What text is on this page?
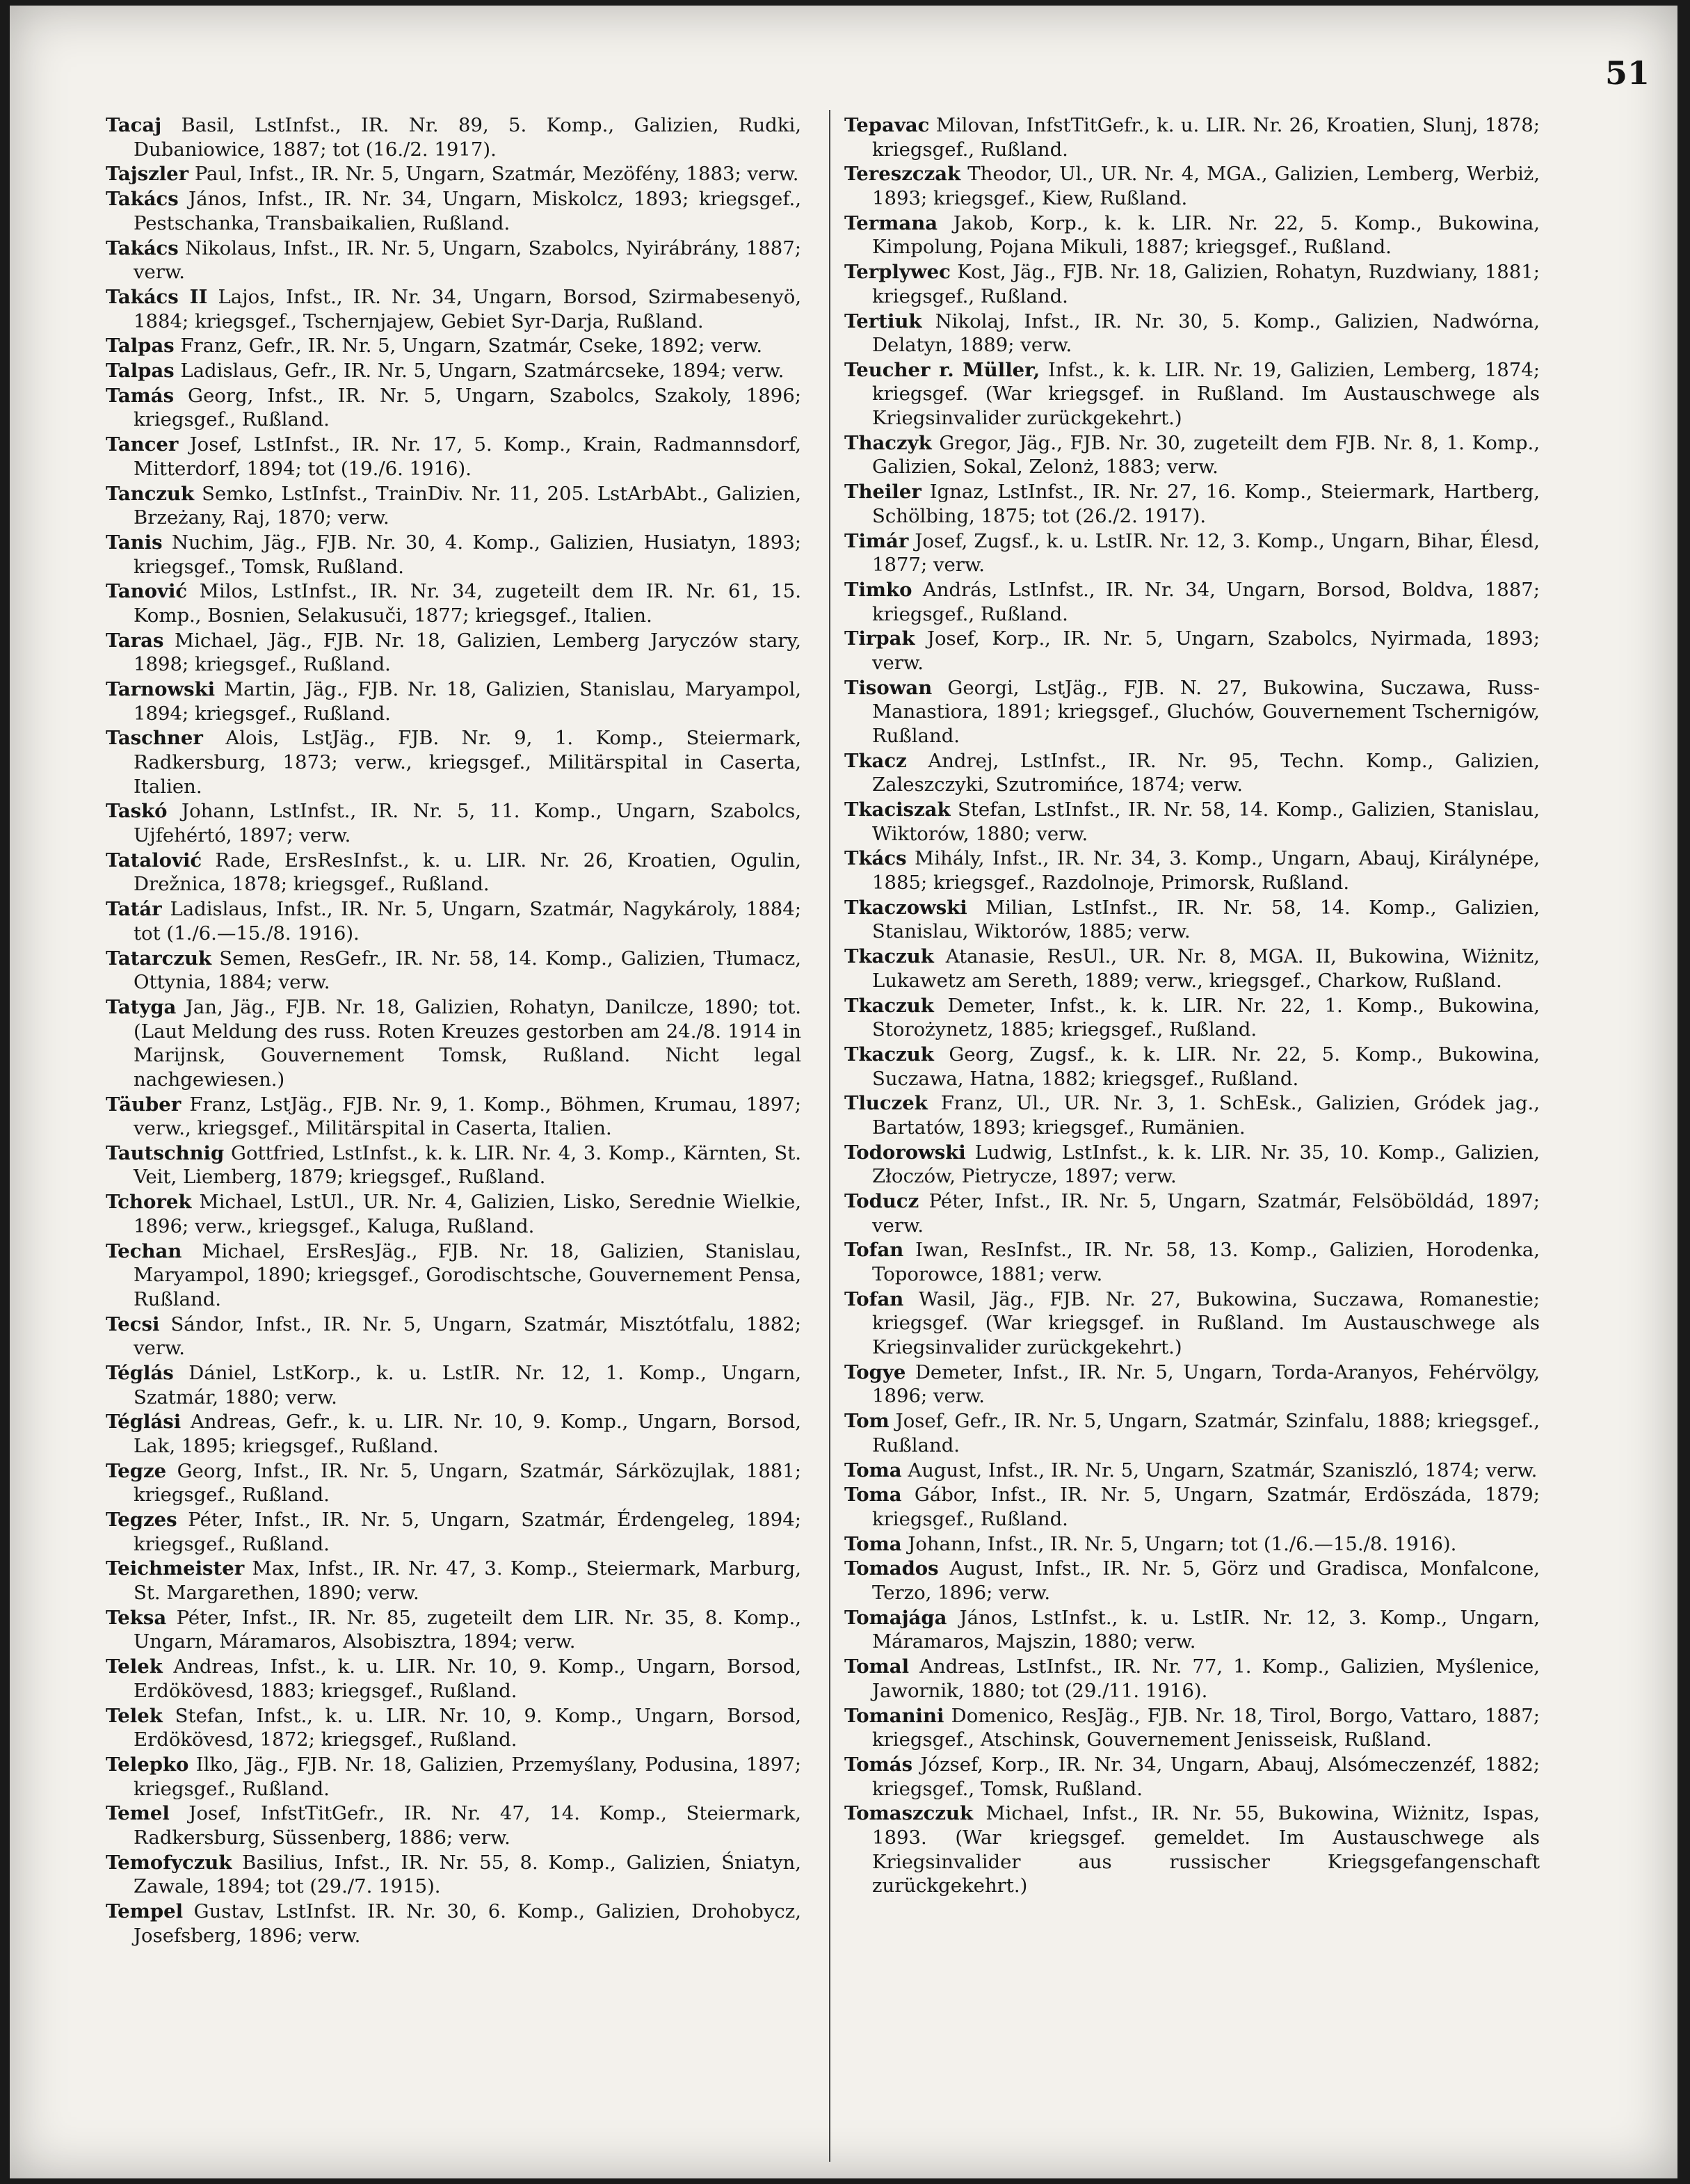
51

Tacaj Basil, LstInfst., IR. Nr. 89, 5. Komp., Galizien, Rudki, Dubaniowice, 1887; tot (16./2. 1917).

Tajszler Paul, Infst., IR. Nr. 5, Ungarn, Szatmár, Mezöfény, 1883; verw.

Takács János, Infst., IR. Nr. 34, Ungarn, Miskolcz, 1893; kriegsgef., Pestschanka, Transbaikalien, Rußland.

Takács Nikolaus, Infst., IR. Nr. 5, Ungarn, Szabolcs, Nyirábrány, 1887; verw.

Takács II Lajos, Infst., IR. Nr. 34, Ungarn, Borsod, Szirmabesenyö, 1884; kriegsgef., Tschernjajew, Gebiet Syr-Darja, Rußland.

Talpas Franz, Gefr., IR. Nr. 5, Ungarn, Szatmár, Cseke, 1892; verw.

Talpas Ladislaus, Gefr., IR. Nr. 5, Ungarn, Szatmárcseke, 1894; verw.

Tamás Georg, Infst., IR. Nr. 5, Ungarn, Szabolcs, Szakoly, 1896; kriegsgef., Rußland.

Tancer Josef, LstInfst., IR. Nr. 17, 5. Komp., Krain, Radmannsdorf, Mitterdorf, 1894; tot (19./6. 1916).

Tanczuk Semko, LstInfst., TrainDiv. Nr. 11, 205. LstArbAbt., Galizien, Brzeżany, Raj, 1870; verw.

Tanis Nuchim, Jäg., FJB. Nr. 30, 4. Komp., Galizien, Husiatyn, 1893; kriegsgef., Tomsk, Rußland.

Tanović Milos, LstInfst., IR. Nr. 34, zugeteilt dem IR. Nr. 61, 15. Komp., Bosnien, Selakusuči, 1877; kriegsgef., Italien.

Taras Michael, Jäg., FJB. Nr. 18, Galizien, Lemberg Jaryczów stary, 1898; kriegsgef., Rußland.

Tarnowski Martin, Jäg., FJB. Nr. 18, Galizien, Stanislau, Maryampol, 1894; kriegsgef., Rußland.

Taschner Alois, LstJäg., FJB. Nr. 9, 1. Komp., Steiermark, Radkersburg, 1873; verw., kriegsgef., Militärspital in Caserta, Italien.

Taskó Johann, LstInfst., IR. Nr. 5, 11. Komp., Ungarn, Szabolcs, Ujfehértó, 1897; verw.

Tatalović Rade, ErsResInfst., k. u. LIR. Nr. 26, Kroatien, Ogulin, Drežnica, 1878; kriegsgef., Rußland.

Tatár Ladislaus, Infst., IR. Nr. 5, Ungarn, Szatmár, Nagykároly, 1884; tot (1./6.—15./8. 1916).

Tatarczuk Semen, ResGefr., IR. Nr. 58, 14. Komp., Galizien, Tłumacz, Ottynia, 1884; verw.

Tatyga Jan, Jäg., FJB. Nr. 18, Galizien, Rohatyn, Danilcze, 1890; tot. (Laut Meldung des russ. Roten Kreuzes gestorben am 24./8. 1914 in Marijnsk, Gouvernement Tomsk, Rußland. Nicht legal nachgewiesen.)

Täuber Franz, LstJäg., FJB. Nr. 9, 1. Komp., Böhmen, Krumau, 1897; verw., kriegsgef., Militärspital in Caserta, Italien.

Tautschnig Gottfried, LstInfst., k. k. LIR. Nr. 4, 3. Komp., Kärnten, St. Veit, Liemberg, 1879; kriegsgef., Rußland.

Tchorek Michael, LstUl., UR. Nr. 4, Galizien, Lisko, Serednie Wielkie, 1896; verw., kriegsgef., Kaluga, Rußland.

Techan Michael, ErsResJäg., FJB. Nr. 18, Galizien, Stanislau, Maryampol, 1890; kriegsgef., Gorodischtsche, Gouvernement Pensa, Rußland.

Tecsi Sándor, Infst., IR. Nr. 5, Ungarn, Szatmár, Misztótfalu, 1882; verw.

Téglás Dániel, LstKorp., k. u. LstIR. Nr. 12, 1. Komp., Ungarn, Szatmár, 1880; verw.

Téglási Andreas, Gefr., k. u. LIR. Nr. 10, 9. Komp., Ungarn, Borsod, Lak, 1895; kriegsgef., Rußland.

Tegze Georg, Infst., IR. Nr. 5, Ungarn, Szatmár, Sárközujlak, 1881; kriegsgef., Rußland.

Tegzes Péter, Infst., IR. Nr. 5, Ungarn, Szatmár, Érdengeleg, 1894; kriegsgef., Rußland.

Teichmeister Max, Infst., IR. Nr. 47, 3. Komp., Steiermark, Marburg, St. Margarethen, 1890; verw.

Teksa Péter, Infst., IR. Nr. 85, zugeteilt dem LIR. Nr. 35, 8. Komp., Ungarn, Máramaros, Alsobisztra, 1894; verw.

Telek Andreas, Infst., k. u. LIR. Nr. 10, 9. Komp., Ungarn, Borsod, Erdökövesd, 1883; kriegsgef., Rußland.

Telek Stefan, Infst., k. u. LIR. Nr. 10, 9. Komp., Ungarn, Borsod, Erdökövesd, 1872; kriegsgef., Rußland.

Telepko Ilko, Jäg., FJB. Nr. 18, Galizien, Przemyślany, Podusina, 1897; kriegsgef., Rußland.

Temel Josef, InfstTitGefr., IR. Nr. 47, 14. Komp., Steiermark, Radkersburg, Süssenberg, 1886; verw.

Temofyczuk Basilius, Infst., IR. Nr. 55, 8. Komp., Galizien, Śniatyn, Zawale, 1894; tot (29./7. 1915).

Tempel Gustav, LstInfst. IR. Nr. 30, 6. Komp., Galizien, Drohobycz, Josefsberg, 1896; verw.

Tepavac Milovan, InfstTitGefr., k. u. LIR. Nr. 26, Kroatien, Slunj, 1878; kriegsgef., Rußland.

Tereszczak Theodor, Ul., UR. Nr. 4, MGA., Galizien, Lemberg, Werbiż, 1893; kriegsgef., Kiew, Rußland.

Termana Jakob, Korp., k. k. LIR. Nr. 22, 5. Komp., Bukowina, Kimpolung, Pojana Mikuli, 1887; kriegsgef., Rußland.

Terplywec Kost, Jäg., FJB. Nr. 18, Galizien, Rohatyn, Ruzdwiany, 1881; kriegsgef., Rußland.

Tertiuk Nikolaj, Infst., IR. Nr. 30, 5. Komp., Galizien, Nadwórna, Delatyn, 1889; verw.

Teucher r. Müller, Infst., k. k. LIR. Nr. 19, Galizien, Lemberg, 1874; kriegsgef. (War kriegsgef. in Rußland. Im Austauschwege als Kriegsinvalider zurückgekehrt.)

Thaczyk Gregor, Jäg., FJB. Nr. 30, zugeteilt dem FJB. Nr. 8, 1. Komp., Galizien, Sokal, Zelonż, 1883; verw.

Theiler Ignaz, LstInfst., IR. Nr. 27, 16. Komp., Steiermark, Hartberg, Schölbing, 1875; tot (26./2. 1917).

Timár Josef, Zugsf., k. u. LstIR. Nr. 12, 3. Komp., Ungarn, Bihar, Élesd, 1877; verw.

Timko András, LstInfst., IR. Nr. 34, Ungarn, Borsod, Boldva, 1887; kriegsgef., Rußland.

Tirpak Josef, Korp., IR. Nr. 5, Ungarn, Szabolcs, Nyirmada, 1893; verw.

Tisowan Georgi, LstJäg., FJB. N. 27, Bukowina, Suczawa, Russ-Manastiora, 1891; kriegsgef., Gluchów, Gouvernement Tschernigów, Rußland.

Tkacz Andrej, LstInfst., IR. Nr. 95, Techn. Komp., Galizien, Zaleszczyki, Szutromińce, 1874; verw.

Tkaciszak Stefan, LstInfst., IR. Nr. 58, 14. Komp., Galizien, Stanislau, Wiktorów, 1880; verw.

Tkács Mihály, Infst., IR. Nr. 34, 3. Komp., Ungarn, Abauj, Királynépe, 1885; kriegsgef., Razdolnoje, Primorsk, Rußland.

Tkaczowski Milian, LstInfst., IR. Nr. 58, 14. Komp., Galizien, Stanislau, Wiktorów, 1885; verw.

Tkaczuk Atanasie, ResUl., UR. Nr. 8, MGA. II, Bukowina, Wiżnitz, Lukawetz am Sereth, 1889; verw., kriegsgef., Charkow, Rußland.

Tkaczuk Demeter, Infst., k. k. LIR. Nr. 22, 1. Komp., Bukowina, Storożynetz, 1885; kriegsgef., Rußland.

Tkaczuk Georg, Zugsf., k. k. LIR. Nr. 22, 5. Komp., Bukowina, Suczawa, Hatna, 1882; kriegsgef., Rußland.

Tluczek Franz, Ul., UR. Nr. 3, 1. SchEsk., Galizien, Gródek jag., Bartatów, 1893; kriegsgef., Rumänien.

Todorowski Ludwig, LstInfst., k. k. LIR. Nr. 35, 10. Komp., Galizien, Złoczów, Pietrycze, 1897; verw.

Toducz Péter, Infst., IR. Nr. 5, Ungarn, Szatmár, Felsöböldád, 1897; verw.

Tofan Iwan, ResInfst., IR. Nr. 58, 13. Komp., Galizien, Horodenka, Toporowce, 1881; verw.

Tofan Wasil, Jäg., FJB. Nr. 27, Bukowina, Suczawa, Romanestie; kriegsgef. (War kriegsgef. in Rußland. Im Austauschwege als Kriegsinvalider zurückgekehrt.)

Togye Demeter, Infst., IR. Nr. 5, Ungarn, Torda-Aranyos, Fehérvölgy, 1896; verw.

Tom Josef, Gefr., IR. Nr. 5, Ungarn, Szatmár, Szinfalu, 1888; kriegsgef., Rußland.

Toma August, Infst., IR. Nr. 5, Ungarn, Szatmár, Szaniszló, 1874; verw.

Toma Gábor, Infst., IR. Nr. 5, Ungarn, Szatmár, Erdöszáda, 1879; kriegsgef., Rußland.

Toma Johann, Infst., IR. Nr. 5, Ungarn; tot (1./6.—15./8. 1916).

Tomados August, Infst., IR. Nr. 5, Görz und Gradisca, Monfalcone, Terzo, 1896; verw.

Tomajága János, LstInfst., k. u. LstIR. Nr. 12, 3. Komp., Ungarn, Máramaros, Majszin, 1880; verw.

Tomal Andreas, LstInfst., IR. Nr. 77, 1. Komp., Galizien, Myślenice, Jawornik, 1880; tot (29./11. 1916).

Tomanini Domenico, ResJäg., FJB. Nr. 18, Tirol, Borgo, Vattaro, 1887; kriegsgef., Atschinsk, Gouvernement Jenisseisk, Rußland.

Tomás József, Korp., IR. Nr. 34, Ungarn, Abauj, Alsómeczenzéf, 1882; kriegsgef., Tomsk, Rußland.

Tomaszczuk Michael, Infst., IR. Nr. 55, Bukowina, Wiżnitz, Ispas, 1893. (War kriegsgef. gemeldet. Im Austauschwege als Kriegsinvalider aus russischer Kriegsgefangenschaft zurückgekehrt.)
